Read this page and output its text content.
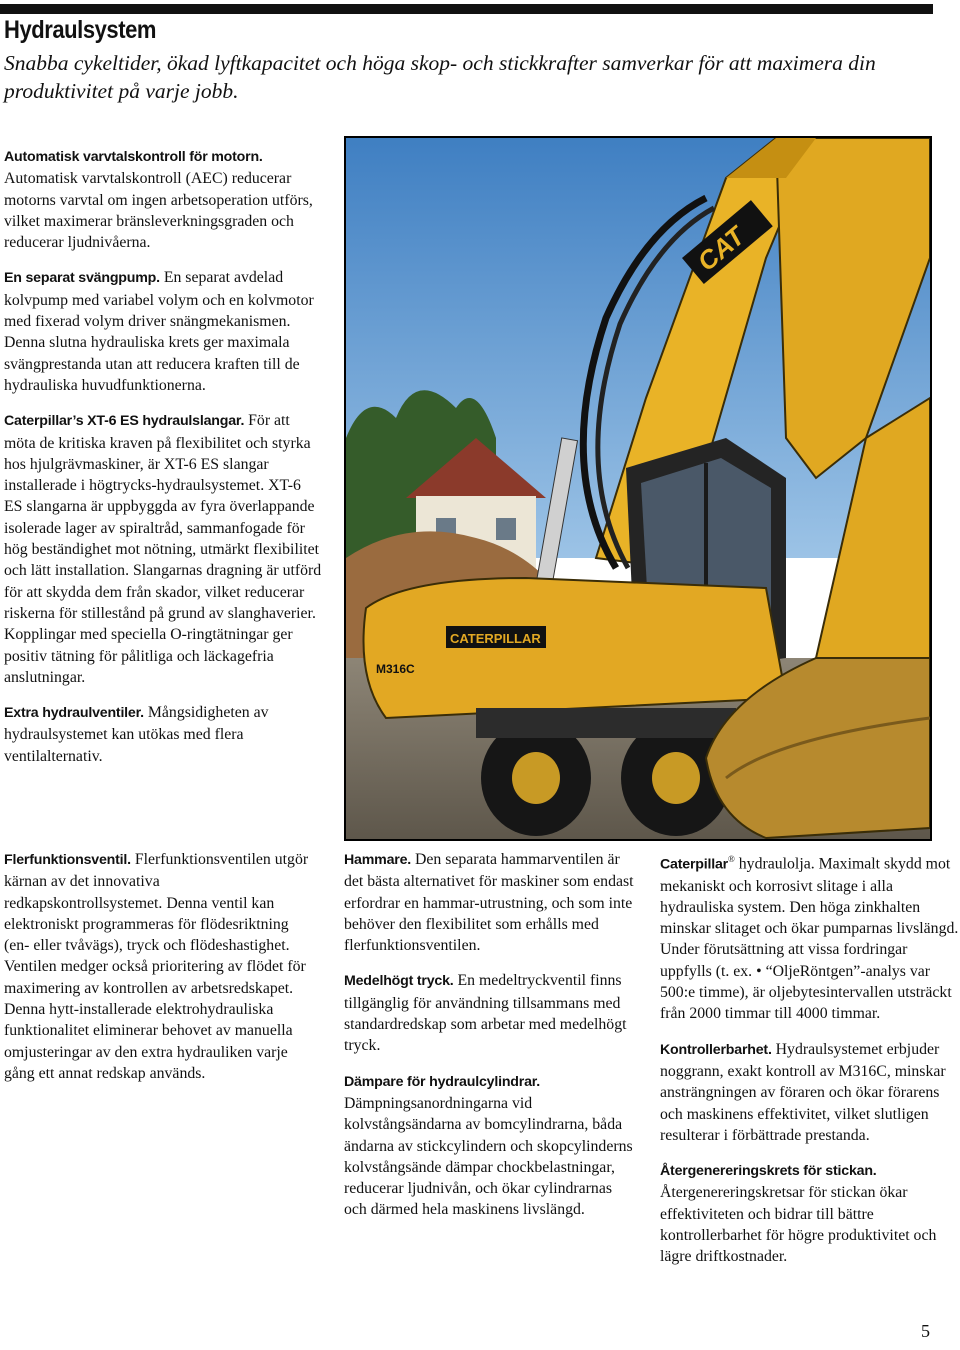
Hydraulsystem

Snabba cykeltider, ökad lyftkapacitet och höga skop- och stickkrafter samverkar för att maximera din produktivitet på varje jobb.

Automatisk varvtalskontroll för motorn.
Automatisk varvtalskontroll (AEC) reducerar motorns varvtal om ingen arbetsoperation utförs, vilket maximerar bränsleverkningsgraden och reducerar ljudnivåerna.

En separat svängpump. En separat avdelad kolvpump med variabel volym och en kolvmotor med fixerad volym driver snängmekanismen. Denna slutna hydrauliska krets ger maximala svängprestanda utan att reducera kraften till de hydrauliska huvudfunktionerna.

Caterpillar’s XT-6 ES hydraulslangar. För att möta de kritiska kraven på flexibilitet och styrka hos hjulgrävmaskiner, är XT-6 ES slangar installerade i högtrycks-hydraulsystemet. XT-6 ES slangarna är uppbyggda av fyra överlappande isolerade lager av spiraltråd, sammanfogade för hög beständighet mot nötning, utmärkt flexibilitet och lätt installation. Slangarnas dragning är utförd för att skydda dem från skador, vilket reducerar riskerna för stillestånd på grund av slanghaverier. Kopplingar med speciella O-ringtätningar ger positiv tätning för pålitliga och läckagefria anslutningar.

Extra hydraulventiler. Mångsidigheten av hydraulsystemet kan utökas med flera ventilalternativ.

CAT
CATERPILLAR
M316C

Flerfunktionsventil. Flerfunktionsventilen utgör kärnan av det innovativa redkapskontrollsystemet. Denna ventil kan elektroniskt programmeras för flödesriktning (en- eller tvåvägs), tryck och flödeshastighet. Ventilen medger också prioritering av flödet för maximering av kontrollen av arbetsredskapet. Denna hytt-installerade elektrohydrauliska funktionalitet eliminerar behovet av manuella omjusteringar av den extra hydrauliken varje gång ett annat redskap används.

Hammare. Den separata hammarventilen är det bästa alternativet för maskiner som endast erfordrar en hammar-utrustning, och som inte behöver den flexibilitet som erhålls med flerfunktionsventilen.

Medelhögt tryck. En medeltryckventil finns tillgänglig för användning tillsammans med standardredskap som arbetar med medelhögt tryck.

Dämpare för hydraulcylindrar.
Dämpningsanordningarna vid kolvstångsändarna av bomcylindrarna, båda ändarna av stickcylindern och skopcylinderns kolvstångsände dämpar chockbelastningar, reducerar ljudnivån, och ökar cylindrarnas och därmed hela maskinens livslängd.

Caterpillar® hydraulolja. Maximalt skydd mot mekaniskt och korrosivt slitage i alla hydrauliska system. Den höga zinkhalten minskar slitaget och ökar pumparnas livslängd. Under förutsättning att vissa fordringar uppfylls (t. ex. • “OljeRöntgen”-analys var 500:e timme), är oljebytesintervallen utsträckt från 2000 timmar till 4000 timmar.

Kontrollerbarhet. Hydraulsystemet erbjuder noggrann, exakt kontroll av M316C, minskar ansträngningen av föraren och ökar förarens och maskinens effektivitet, vilket slutligen resulterar i förbättrade prestanda.

Återgenereringskrets för stickan.
Återgenereringskretsar för stickan ökar effektiviteten och bidrar till bättre kontrollerbarhet för högre produktivitet och lägre driftkostnader.

5
